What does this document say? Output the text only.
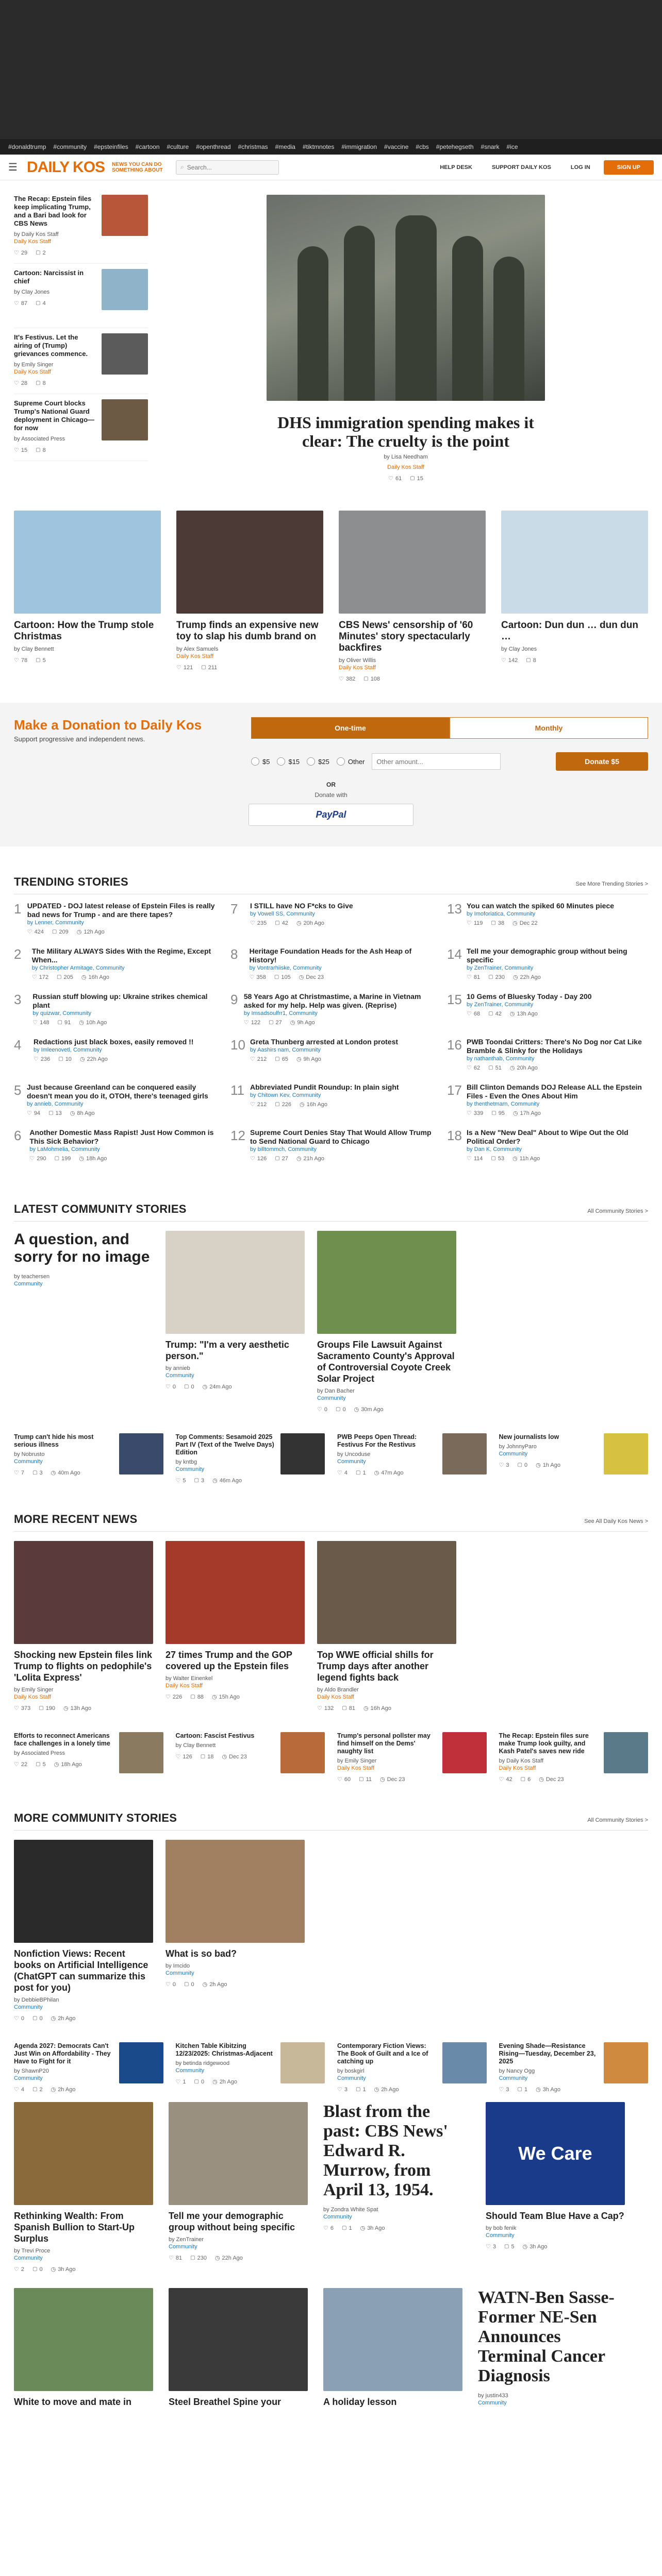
#donaldtrump #community #epsteinfiles #cartoon #culture #openthread #christmas #media #tiktmnotes #immigration #vaccine #cbs #petehegseth #snark #ice
☰ DAILY KOS NEWS YOU CAN DO SOMETHING ABOUT	⌕
Search...	HELP DESK	SUPPORT DAILY KOS	LOG IN	SIGN UP
The Recap: Epstein files keep implicating Trump, and a Bari bad look for CBS News
by Daily Kos Staff
Daily Kos Staff
♡ 29	▢ 2
Cartoon: Narcissist in chief
by Clay Jones
♡ 87	▢ 4
It's Festivus. Let the airing of (Trump) grievances commence.
by Emily Singer
Daily Kos Staff
♡ 28	▢ 8
Supreme Court blocks Trump's National Guard deployment in Chicago—for now
by Associated Press
♡ 15	▢ 8
DHS immigration spending makes it clear: The cruelty is the point
by Lisa Needham
Daily Kos Staff
♡ 61	▢ 15
Cartoon: How the Trump stole Christmas
by Clay Bennett
♡ 78	▢ 5
Trump finds an expensive new toy to slap his dumb brand on
by Alex Samuels
Daily Kos Staff
♡ 121	▢ 211
CBS News' censorship of '60 Minutes' story spectacularly backfires
by Oliver Willis
Daily Kos Staff
♡ 382	▢ 108
Cartoon: Dun dun … dun dun …
by Clay Jones
♡ 142	▢ 8
Make a Donation to Daily Kos

Support progressive and independent news.

One-time	Monthly
$5	$15	$25	Other
Other amount...	Donate $5
OR
Donate with
PayPal
TRENDING STORIES	See More Trending Stories >
1 UPDATED - DOJ latest release of Epstein Files is really bad news for Trump - and are there tapes?
by Lenner, Community
♡ 424	▢ 209	◷ 12h Ago
2	The Military ALWAYS Sides With the Regime, Except When...
by Christopher Armitage, Community
♡ 172	▢ 205	◷ 16h Ago
3	Russian stuff blowing up: Ukraine strikes chemical plant
by quizwar, Community
♡ 148	▢ 91	◷ 10h Ago
4	Redactions just black boxes, easily removed !!
by Imleenovetl, Community
♡ 236	▢ 10	◷ 22h Ago
5 Just because Greenland can be conquered easily doesn't mean you do it, OTOH, there's teenaged girls
by annieb, Community
♡ 94	▢ 13	◷ 8h Ago
6	Another Domestic Mass Rapist! Just How Common is This Sick Behavior?
by LaMohmelia, Community
♡ 290	▢ 199	◷ 18h Ago
7	I STILL have NO F*cks to Give
by Vowell SS, Community
♡ 235	▢ 42	◷ 20h Ago
8	Heritage Foundation Heads for the Ash Heap of History!
by Vontrarhiiske, Community
♡ 358	▢ 105	◷ Dec 23
9 58 Years Ago at Christmastime, a Marine in Vietnam asked for my help. Help was given. (Reprise)
by Imsadsoulfrr1, Community
♡ 122	▢ 27	◷ 9h Ago
10 Greta Thunberg arrested at London protest
by Aashirs nam, Community
♡ 212	▢ 65	◷ 9h Ago
11 Abbreviated Pundit Roundup: In plain sight
by Chitown Kev, Community
♡ 212	▢ 226	◷ 16h Ago
12 Supreme Court Denies Stay That Would Allow Trump to Send National Guard to Chicago
by billtommch, Community
♡ 126	▢ 27	◷ 21h Ago
13 You can watch the spiked 60 Minutes piece
by Imoforiatica, Community
♡ 119	▢ 38	◷ Dec 22
14 Tell me your demographic group without being specific
by ZenTrainer, Community
♡ 81	▢ 230	◷ 22h Ago
15 10 Gems of Bluesky Today - Day 200
by ZenTrainer, Community
♡ 68	▢ 42	◷ 13h Ago
16 PWB Toondai Critters: There's No Dog nor Cat Like Bramble & Slinky for the Holidays
by nathanthab, Community
♡ 62	▢ 51	◷ 20h Ago
17 Bill Clinton Demands DOJ Release ALL the Epstein Files - Even the Ones About Him
by thenthetmarn, Community
♡ 339	▢ 95	◷ 17h Ago
18 Is a New "New Deal" About to Wipe Out the Old Political Order?
by Dan K, Community
♡ 114	▢ 53	◷ 11h Ago
LATEST COMMUNITY STORIES	All Community Stories >
A question, and sorry for no image
by teachersen
Community
Trump: "I'm a very aesthetic person."
by annieb
Community
♡ 0	▢ 0	◷ 24m Ago
Groups File Lawsuit Against Sacramento County's Approval of Controversial Coyote Creek Solar Project
by Dan Bacher
Community
♡ 0	▢ 0	◷ 30m Ago
Trump can't hide his most serious illness
by Nobrusto
Community
♡ 7	▢ 3	◷ 40m Ago
Top Comments: Sesamoid 2025 Part IV (Text of the Twelve Days) Edition
by kntbg
Community
♡ 5	▢ 3	◷ 46m Ago
PWB Peeps Open Thread: Festivus For the Restivus
by Uncoduse
Community
♡ 4	▢ 1	◷ 47m Ago
New journalists low
by JohnnyParo
Community
♡ 3	▢ 0	◷ 1h Ago
MORE RECENT NEWS	See All Daily Kos News >
Shocking new Epstein files link Trump to flights on pedophile's 'Lolita Express'
by Emily Singer
Daily Kos Staff
♡ 373	▢ 190	◷ 13h Ago
27 times Trump and the GOP covered up the Epstein files
by Walter Einenkel
Daily Kos Staff
♡ 226	▢ 88	◷ 15h Ago
Top WWE official shills for Trump days after another legend fights back
by Aldo Brandler
Daily Kos Staff
♡ 132	▢ 81	◷ 16h Ago
Efforts to reconnect Americans face challenges in a lonely time
by Associated Press
♡ 22	▢ 5	◷ 18h Ago
Cartoon: Fascist Festivus
by Clay Bennett
♡ 126	▢ 18	◷ Dec 23
Trump's personal pollster may find himself on the Dems' naughty list
by Emily Singer
Daily Kos Staff
♡ 60	▢ 11	◷ Dec 23
The Recap: Epstein files sure make Trump look guilty, and Kash Patel's saves new ride
by Daily Kos Staff
Daily Kos Staff
♡ 42	▢ 6	◷ Dec 23
MORE COMMUNITY STORIES	All Community Stories >
Nonfiction Views: Recent books on Artificial Intelligence (ChatGPT can summarize this post for you)
by DebbieBPhilan
Community
♡ 0	▢ 0	◷ 2h Ago
What is so bad?
by Imcido
Community
♡ 0	▢ 0	◷ 2h Ago
Agenda 2027: Democrats Can't Just Win on Affordability - They Have to Fight for it
by ShawnP20
Community
♡ 4	▢ 2	◷ 2h Ago
Kitchen Table Kibitzing 12/23/2025: Christmas-Adjacent
by betinda ridgewood
Community
♡ 1	▢ 0	◷ 2h Ago
Contemporary Fiction Views: The Book of Guilt and a Ice of catching up
by boskgirl
Community
♡ 3	▢ 1	◷ 2h Ago
Evening Shade—Resistance Rising—Tuesday, December 23, 2025
by Nancy Ogg
Community
♡ 3	▢ 1	◷ 3h Ago
Rethinking Wealth: From Spanish Bullion to Start-Up Surplus
by Trevi Proce
Community
♡ 2	▢ 0	◷ 3h Ago
Tell me your demographic group without being specific
by ZenTrainer
Community
♡ 81	▢ 230	◷ 22h Ago
Blast from the past: CBS News' Edward R. Murrow, from April 13, 1954.
by Zondra White Spat
Community
♡ 6	▢ 1	◷ 3h Ago
We Care
Should Team Blue Have a Cap?
by bob fenik
Community
♡ 3	▢ 5	◷ 3h Ago
White to move and mate in	Steel Breathel Spine your	A holiday lesson
WATN-Ben Sasse-Former NE-Sen Announces Terminal Cancer Diagnosis
by justin433
Community
